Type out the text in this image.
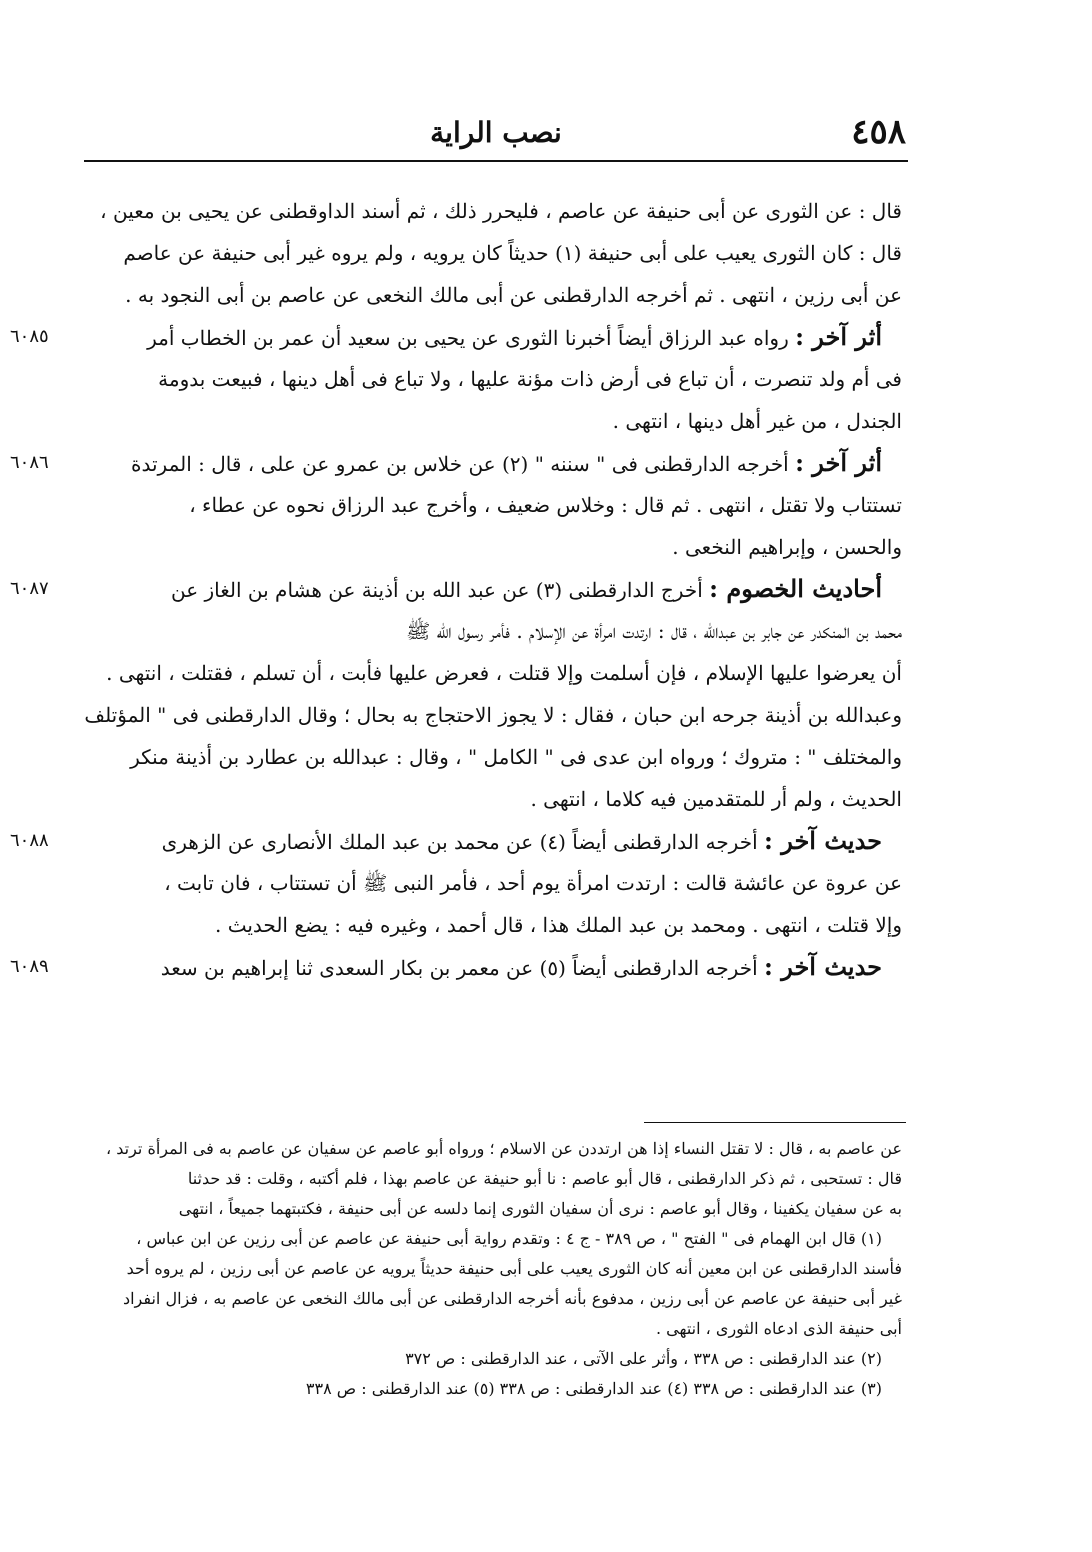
٤٥٨
نصب الراية
قال : عن الثورى عن أبى حنيفة عن عاصم ، فليحرر ذلك ، ثم أسند الداوقطنى عن يحيى بن معين ،
قال : كان الثورى يعيب على أبى حنيفة (١) حديثاً كان يرويه ، ولم يروه غير أبى حنيفة عن عاصم
عن أبى رزين ، انتهى . ثم أخرجه الدارقطنى عن أبى مالك النخعى عن عاصم بن أبى النجود به .
٦٠٨٥	أثر آخر : رواه عبد الرزاق أيضاً أخبرنا الثورى عن يحيى بن سعيد أن عمر بن الخطاب أمر
فى أم ولد تنصرت ، أن تباع فى أرض ذات مؤنة عليها ، ولا تباع فى أهل دينها ، فبيعت بدومة
الجندل ، من غير أهل دينها ، انتهى .
٦٠٨٦	أثر آخر : أخرجه الدارقطنى فى " سننه " (٢) عن خلاس بن عمرو عن على ، قال : المرتدة
تستتاب ولا تقتل ، انتهى . ثم قال : وخلاس ضعيف ، وأخرج عبد الرزاق نحوه عن عطاء ،
والحسن ، وإبراهيم النخعى .
٦٠٨٧	أحاديث الخصوم : أخرج الدارقطنى (٣) عن عبد الله بن أذينة عن هشام بن الغاز عن
محمد بن المنكدر عن جابر بن عبدالله ، قال : ارتدت امرأة عن الإسلام . فأمر رسول الله ﷺ
أن يعرضوا عليها الإسلام ، فإن أسلمت وإلا قتلت ، فعرض عليها فأبت ، أن تسلم ، فقتلت ، انتهى .
وعبدالله بن أذينة جرحه ابن حبان ، فقال : لا يجوز الاحتجاج به بحال ؛ وقال الدارقطنى فى " المؤتلف
والمختلف " : متروك ؛ ورواه ابن عدى فى " الكامل " ، وقال : عبدالله بن عطارد بن أذينة منكر
الحديث ، ولم أر للمتقدمين فيه كلاما ، انتهى .
٦٠٨٨	حديث آخر : أخرجه الدارقطنى أيضاً (٤) عن محمد بن عبد الملك الأنصارى عن الزهرى
عن عروة عن عائشة قالت : ارتدت امرأة يوم أحد ، فأمر النبى ﷺ أن تستتاب ، فان تابت ،
وإلا قتلت ، انتهى . ومحمد بن عبد الملك هذا ، قال أحمد ، وغيره فيه : يضع الحديث .
٦٠٨٩	حديث آخر : أخرجه الدارقطنى أيضاً (٥) عن معمر بن بكار السعدى ثنا إبراهيم بن سعد
عن عاصم به ، قال : لا تقتل النساء إذا هن ارتددن عن الاسلام ؛ ورواه أبو عاصم عن سفيان عن عاصم به فى المرأة ترتد ،
قال : تستحبى ، ثم ذكر الدارقطنى ، قال أبو عاصم : نا أبو حنيفة عن عاصم بهذا ، فلم أكتبه ، وقلت : قد حدثنا
به عن سفيان يكفينا ، وقال أبو عاصم : نرى أن سفيان الثورى إنما دلسه عن أبى حنيفة ، فكتبتهما جميعاً ، انتهى
(١) قال ابن الهمام فى " الفتح " ، ص ٣٨٩ - ج ٤ : وتقدم رواية أبى حنيفة عن عاصم عن أبى رزين عن ابن عباس ،
فأسند الدارقطنى عن ابن معين أنه كان الثورى يعيب على أبى حنيفة حديثاً يرويه عن عاصم عن أبى رزين ، لم يروه أحد
غير أبى حنيفة عن عاصم عن أبى رزين ، مدفوع بأنه أخرجه الدارقطنى عن أبى مالك النخعى عن عاصم به ، فزال انفراد
أبى حنيفة الذى ادعاه الثورى ، انتهى .
(٢) عند الدارقطنى : ص ٣٣٨ ، وأثر على الآتى ، عند الدارقطنى : ص ٣٧٢
(٣) عند الدارقطنى : ص ٣٣٨ (٤) عند الدارقطنى : ص ٣٣٨ (٥) عند الدارقطنى : ص ٣٣٨
